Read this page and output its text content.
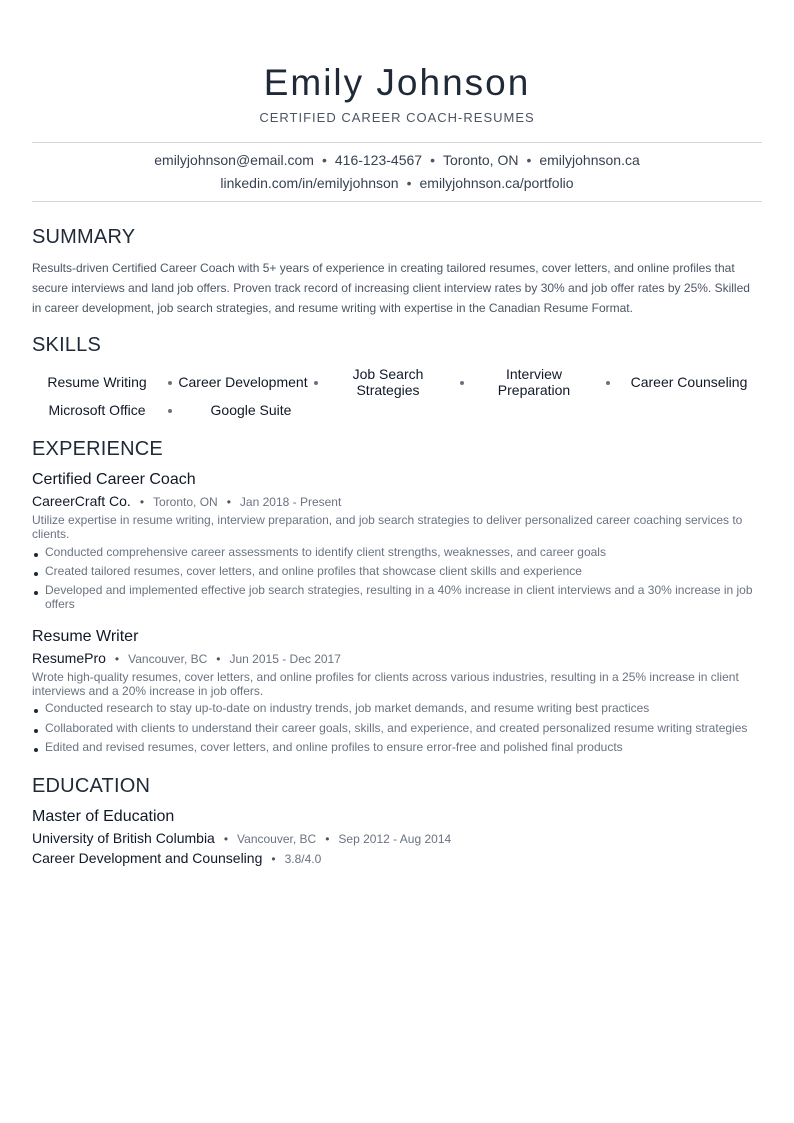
Emily Johnson
CERTIFIED CAREER COACH-RESUMES
emilyjohnson@email.com • 416-123-4567 • Toronto, ON • emilyjohnson.ca
linkedin.com/in/emilyjohnson • emilyjohnson.ca/portfolio
SUMMARY
Results-driven Certified Career Coach with 5+ years of experience in creating tailored resumes, cover letters, and online profiles that secure interviews and land job offers. Proven track record of increasing client interview rates by 30% and job offer rates by 25%. Skilled in career development, job search strategies, and resume writing with expertise in the Canadian Resume Format.
SKILLS
Resume Writing	Career Development	Job Search Strategies
Interview Preparation	Career Counseling
Microsoft Office	Google Suite
EXPERIENCE
Certified Career Coach
CareerCraft Co. • Toronto, ON • Jan 2018 - Present
Utilize expertise in resume writing, interview preparation, and job search strategies to deliver personalized career coaching services to clients.
Conducted comprehensive career assessments to identify client strengths, weaknesses, and career goals
Created tailored resumes, cover letters, and online profiles that showcase client skills and experience
Developed and implemented effective job search strategies, resulting in a 40% increase in client interviews and a 30% increase in job offers
Resume Writer
ResumePro • Vancouver, BC • Jun 2015 - Dec 2017
Wrote high-quality resumes, cover letters, and online profiles for clients across various industries, resulting in a 25% increase in client interviews and a 20% increase in job offers.
Conducted research to stay up-to-date on industry trends, job market demands, and resume writing best practices
Collaborated with clients to understand their career goals, skills, and experience, and created personalized resume writing strategies
Edited and revised resumes, cover letters, and online profiles to ensure error-free and polished final products
EDUCATION
Master of Education
University of British Columbia • Vancouver, BC • Sep 2012 - Aug 2014
Career Development and Counseling • 3.8/4.0
